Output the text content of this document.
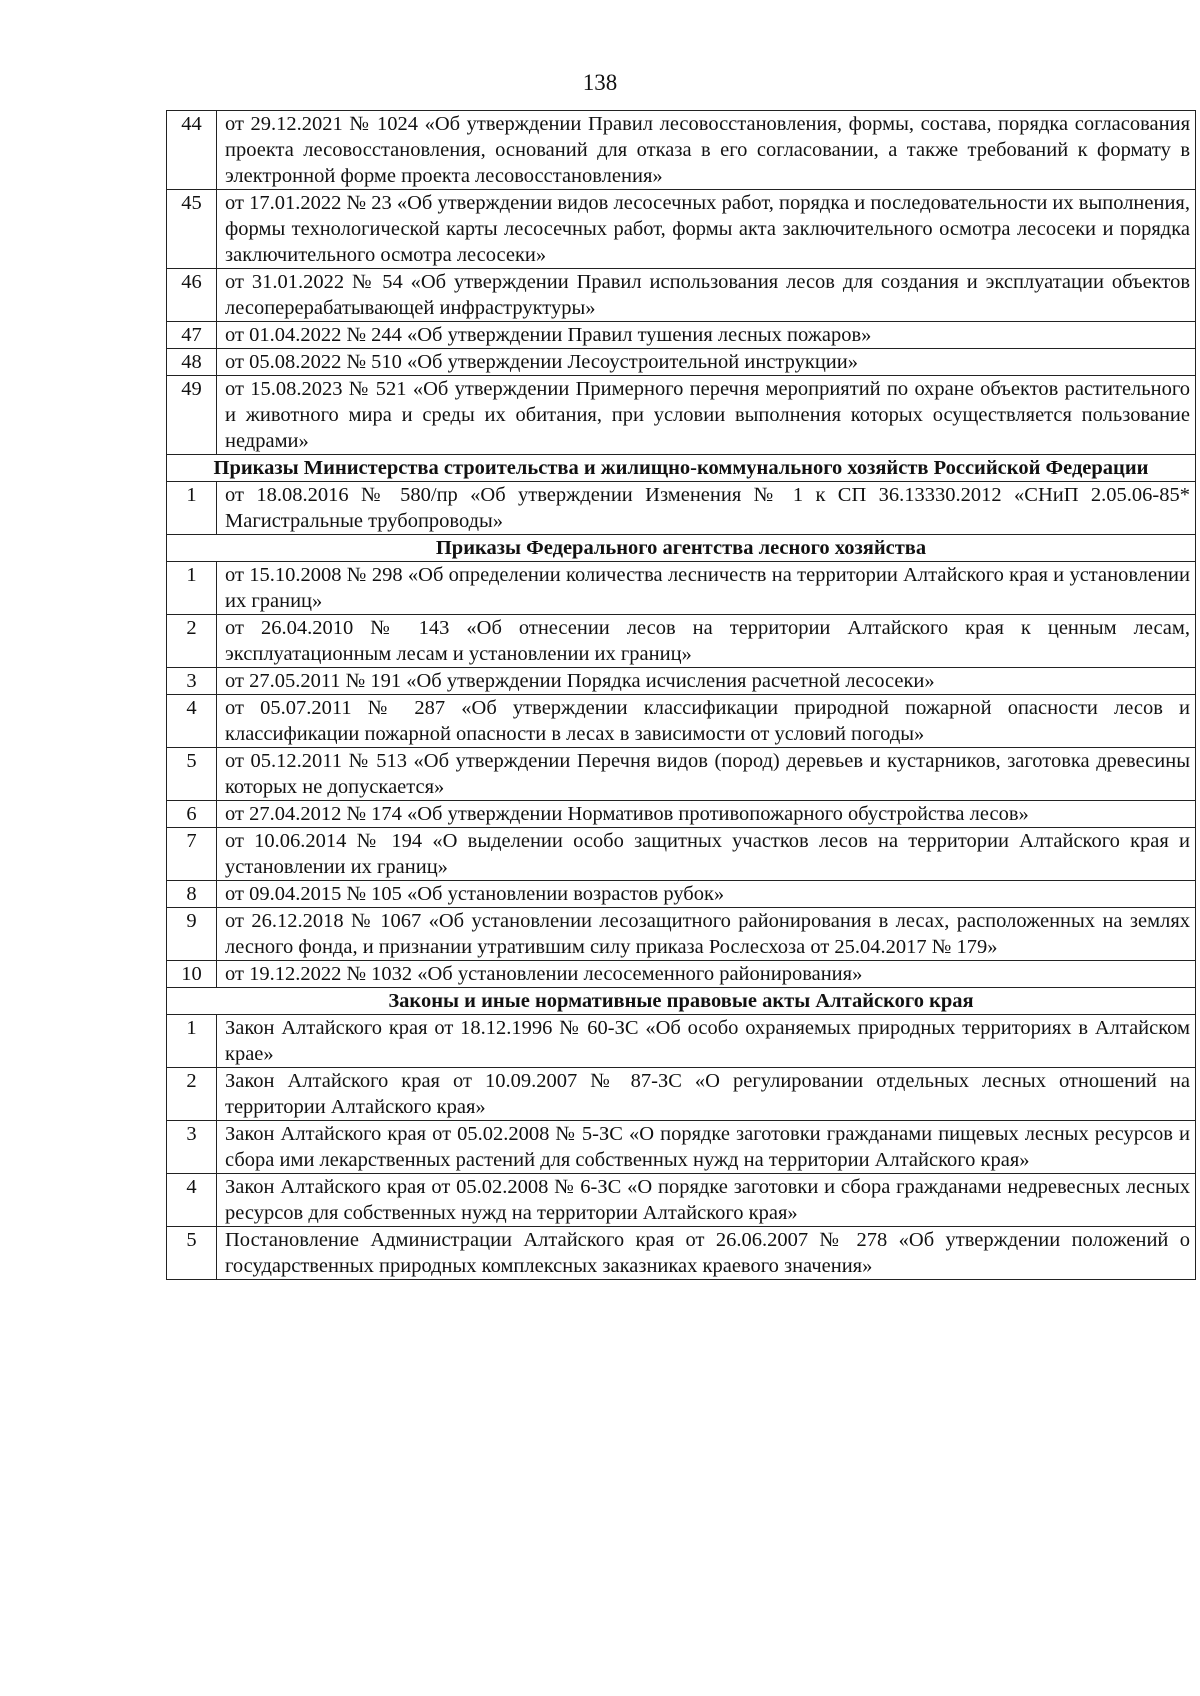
138
44	от 29.12.2021 № 1024 «Об утверждении Правил лесовосстановления, формы, состава, порядка согласования проекта лесовосстановления, оснований для отказа в его согласовании, а также требований к формату в электронной форме проекта лесовосстановления»
45	от 17.01.2022 № 23 «Об утверждении видов лесосечных работ, порядка и последовательности их выполнения, формы технологической карты лесосечных работ, формы акта заключительного осмотра лесосеки и порядка заключительного осмотра лесосеки»
46	от 31.01.2022 № 54 «Об утверждении Правил использования лесов для создания и эксплуатации объектов лесоперерабатывающей инфраструктуры»
47	от 01.04.2022 № 244 «Об утверждении Правил тушения лесных пожаров»
48	от 05.08.2022 № 510 «Об утверждении Лесоустроительной инструкции»
49	от 15.08.2023 № 521 «Об утверждении Примерного перечня мероприятий по охране объектов растительного и животного мира и среды их обитания, при условии выполнения которых осуществляется пользование недрами»
Приказы Министерства строительства и жилищно-коммунального хозяйств Российской Федерации	
1	от 18.08.2016 № 580/пр «Об утверждении Изменения № 1 к СП 36.13330.2012 «СНиП 2.05.06-85* Магистральные трубопроводы»
Приказы Федерального агентства лесного хозяйства	
1	от 15.10.2008 № 298 «Об определении количества лесничеств на территории Алтайского края и установлении их границ»
2	от 26.04.2010 № 143 «Об отнесении лесов на территории Алтайского края к ценным лесам, эксплуатационным лесам и установлении их границ»
3	от 27.05.2011 № 191 «Об утверждении Порядка исчисления расчетной лесосеки»
4	от 05.07.2011 № 287 «Об утверждении классификации природной пожарной опасности лесов и классификации пожарной опасности в лесах в зависимости от условий погоды»
5	от 05.12.2011 № 513 «Об утверждении Перечня видов (пород) деревьев и кустарников, заготовка древесины которых не допускается»
6	от 27.04.2012 № 174 «Об утверждении Нормативов противопожарного обустройства лесов»
7	от 10.06.2014 № 194 «О выделении особо защитных участков лесов на территории Алтайского края и установлении их границ»
8	от 09.04.2015 № 105 «Об установлении возрастов рубок»
9	от 26.12.2018 № 1067 «Об установлении лесозащитного районирования в лесах, расположенных на землях лесного фонда, и признании утратившим силу приказа Рослесхоза от 25.04.2017 № 179»
10	от 19.12.2022 № 1032 «Об установлении лесосеменного районирования»
Законы и иные нормативные правовые акты Алтайского края	
1	Закон Алтайского края от 18.12.1996 № 60-ЗС «Об особо охраняемых природных территориях в Алтайском крае»
2	Закон Алтайского края от 10.09.2007 № 87-ЗС «О регулировании отдельных лесных отношений на территории Алтайского края»
3	Закон Алтайского края от 05.02.2008 № 5-ЗС «О порядке заготовки гражданами пищевых лесных ресурсов и сбора ими лекарственных растений для собственных нужд на территории Алтайского края»
4	Закон Алтайского края от 05.02.2008 № 6-ЗС «О порядке заготовки и сбора гражданами недревесных лесных ресурсов для собственных нужд на территории Алтайского края»
5	Постановление Администрации Алтайского края от 26.06.2007 № 278 «Об утверждении положений о государственных природных комплексных заказниках краевого значения»
